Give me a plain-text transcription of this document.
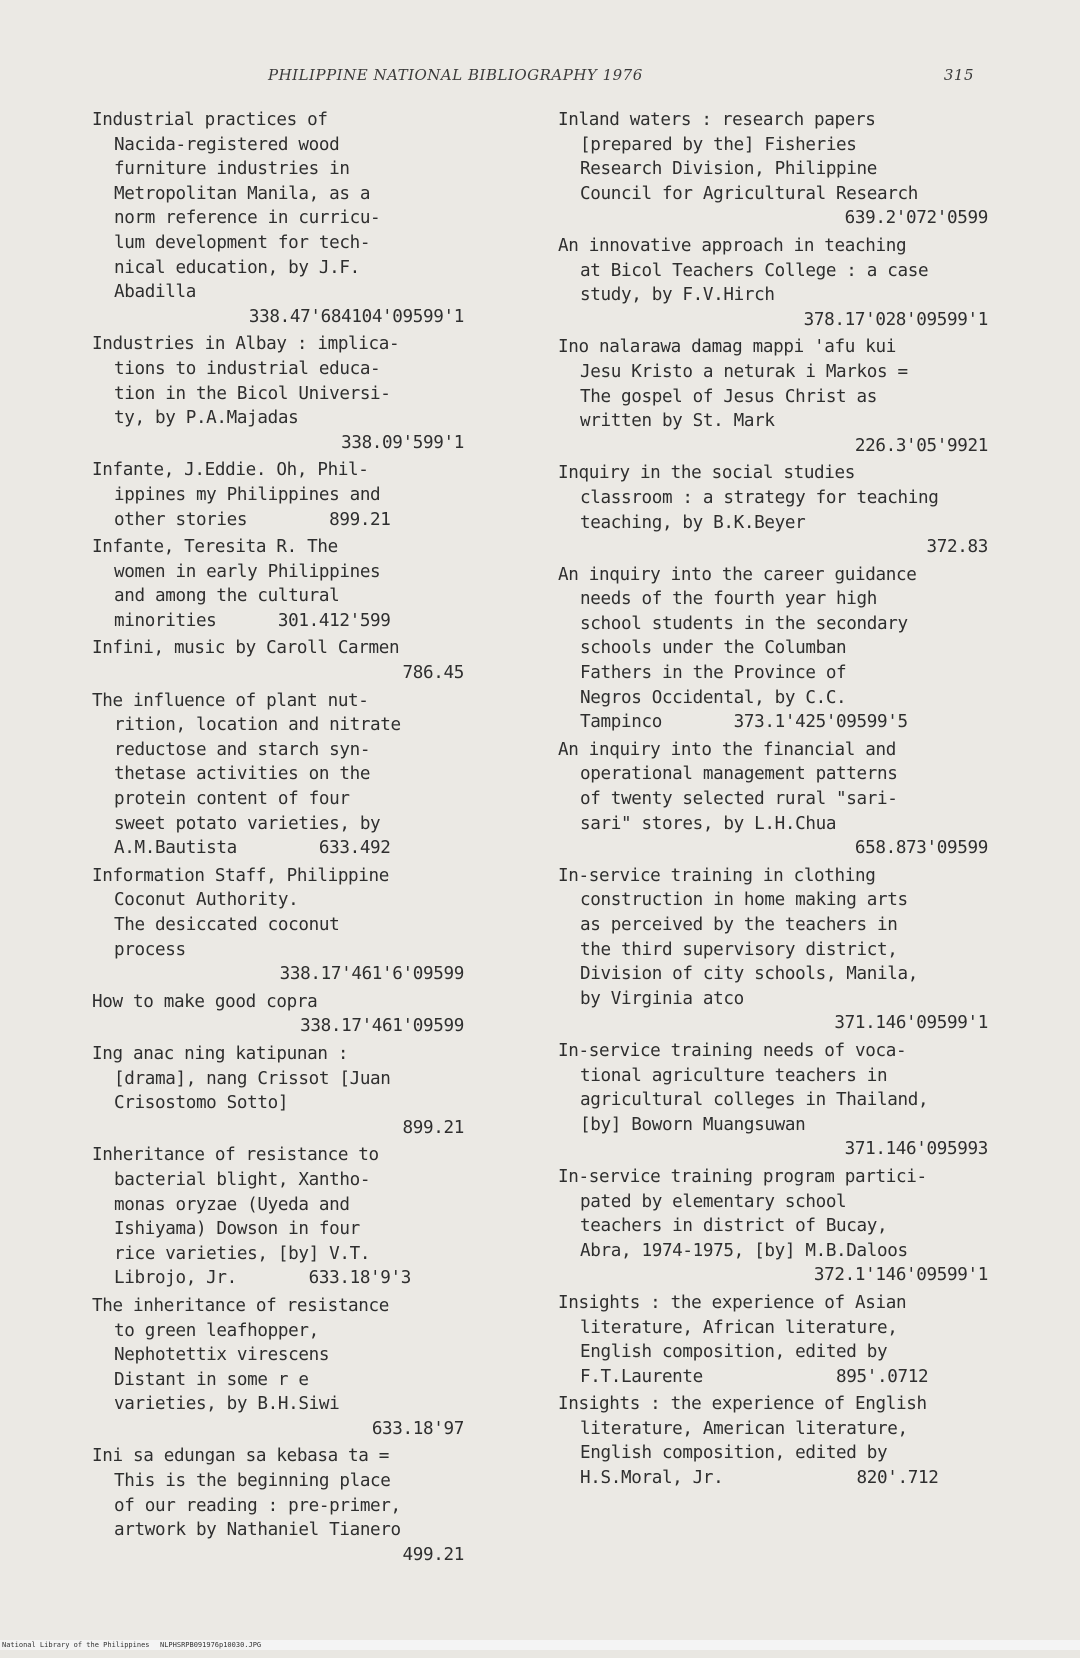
PHILIPPINE NATIONAL BIBLIOGRAPHY 1976	315
Industrial practices of
Nacida-registered wood
furniture industries in
Metropolitan Manila, as a
norm reference in curricu-
lum development for tech-
nical education, by J.F.
Abadilla
338.47'684104'09599'1
Industries in Albay : implica-
tions to industrial educa-
tion in the Bicol Universi-
ty, by P.A.Majadas
338.09'599'1
Infante, J.Eddie. Oh, Phil-
ippines my Philippines and
other stories        899.21
Infante, Teresita R. The
women in early Philippines
and among the cultural
minorities      301.412'599
Infini, music by Caroll Carmen
786.45
The influence of plant nut-
rition, location and nitrate
reductose and starch syn-
thetase activities on the
protein content of four
sweet potato varieties, by
A.M.Bautista        633.492
Information Staff, Philippine
Coconut Authority.
The desiccated coconut
process
338.17'461'6'09599
How to make good copra
338.17'461'09599
Ing anac ning katipunan :
[drama], nang Crissot [Juan
Crisostomo Sotto]
899.21
Inheritance of resistance to
bacterial blight, Xantho-
monas oryzae (Uyeda and
Ishiyama) Dowson in four
rice varieties, [by] V.T.
Librojo, Jr.       633.18'9'3
The inheritance of resistance
to green leafhopper,
Nephotettix virescens
Distant in some r e
varieties, by B.H.Siwi
633.18'97
Ini sa edungan sa kebasa ta =
This is the beginning place
of our reading : pre-primer,
artwork by Nathaniel Tianero
499.21
Inland waters : research papers
[prepared by the] Fisheries
Research Division, Philippine
Council for Agricultural Research
639.2'072'0599
An innovative approach in teaching
at Bicol Teachers College : a case
study, by F.V.Hirch
378.17'028'09599'1
Ino nalarawa damag mappi 'afu kui
Jesu Kristo a neturak i Markos =
The gospel of Jesus Christ as
written by St. Mark
226.3'05'9921
Inquiry in the social studies
classroom : a strategy for teaching
teaching, by B.K.Beyer
372.83
An inquiry into the career guidance
needs of the fourth year high
school students in the secondary
schools under the Columban
Fathers in the Province of
Negros Occidental, by C.C.
Tampinco       373.1'425'09599'5
An inquiry into the financial and
operational management patterns
of twenty selected rural "sari-
sari" stores, by L.H.Chua
658.873'09599
In-service training in clothing
construction in home making arts
as perceived by the teachers in
the third supervisory district,
Division of city schools, Manila,
by Virginia atco
371.146'09599'1
In-service training needs of voca-
tional agriculture teachers in
agricultural colleges in Thailand,
[by] Boworn Muangsuwan
371.146'095993
In-service training program partici-
pated by elementary school
teachers in district of Bucay,
Abra, 1974-1975, [by] M.B.Daloos
372.1'146'09599'1
Insights : the experience of Asian
literature, African literature,
English composition, edited by
F.T.Laurente             895'.0712
Insights : the experience of English
literature, American literature,
English composition, edited by
H.S.Moral, Jr.             820'.712
National Library of the Philippines NLPHSRPB091976p10030.JPG
